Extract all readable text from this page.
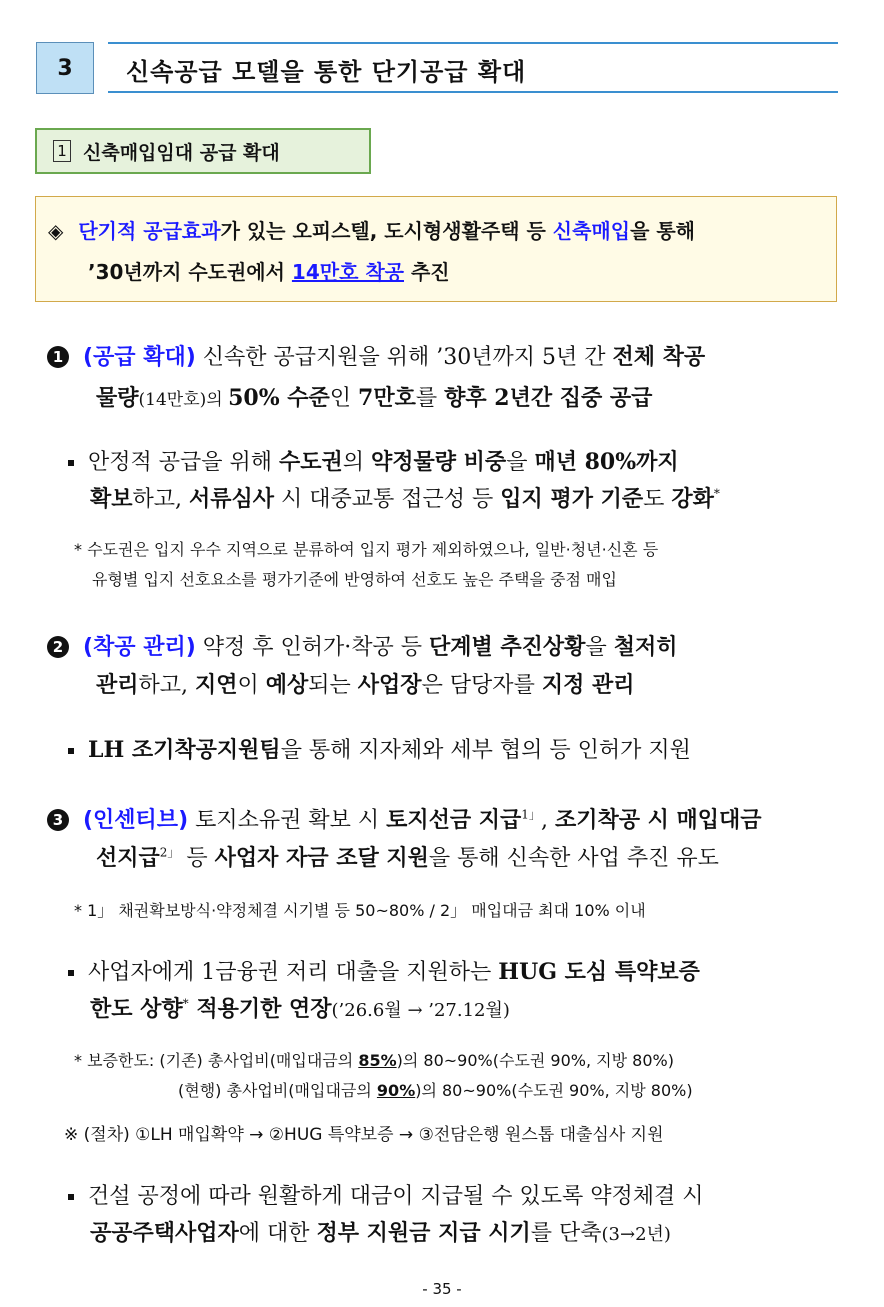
3 신속공급 모델을 통한 단기공급 확대
1 신축매입임대 공급 확대
◈ 단기적 공급효과가 있는 오피스텔, 도시형생활주택 등 신축매입을 통해
’30년까지 수도권에서 14만호 착공 추진
1 (공급 확대) 신속한 공급지원을 위해 ’30년까지 5년 간 전체 착공
물량(14만호)의 50% 수준인 7만호를 향후 2년간 집중 공급
안정적 공급을 위해 수도권의 약정물량 비중을 매년 80%까지
확보하고, 서류심사 시 대중교통 접근성 등 입지 평가 기준도 강화*
* 수도권은 입지 우수 지역으로 분류하여 입지 평가 제외하였으나, 일반·청년·신혼 등
유형별 입지 선호요소를 평가기준에 반영하여 선호도 높은 주택을 중점 매입
2 (착공 관리) 약정 후 인허가·착공 등 단계별 추진상황을 철저히
관리하고, 지연이 예상되는 사업장은 담당자를 지정 관리
LH 조기착공지원팀을 통해 지자체와 세부 협의 등 인허가 지원
3 (인센티브) 토지소유권 확보 시 토지선금 지급$^{1」}$, 조기착공 시 매입대금
선지급$^{2」}$ 등 사업자 자금 조달 지원을 통해 신속한 사업 추진 유도
* 1」 채권확보방식·약정체결 시기별 등 50~80% / 2」 매입대금 최대 10% 이내
사업자에게 1금융권 저리 대출을 지원하는 HUG 도심 특약보증
한도 상향* 적용기한 연장(’26.6월 → ’27.12월)
* 보증한도: (기존) 총사업비(매입대금의 85%)의 80~90%(수도권 90%, 지방 80%)
(현행) 총사업비(매입대금의 90%)의 80~90%(수도권 90%, 지방 80%)
※ (절차) ①LH 매입확약 → ②HUG 특약보증 → ③전담은행 원스톱 대출심사 지원
건설 공정에 따라 원활하게 대금이 지급될 수 있도록 약정체결 시
공공주택사업자에 대한 정부 지원금 지급 시기를 단축(3→2년)
- 35 -
